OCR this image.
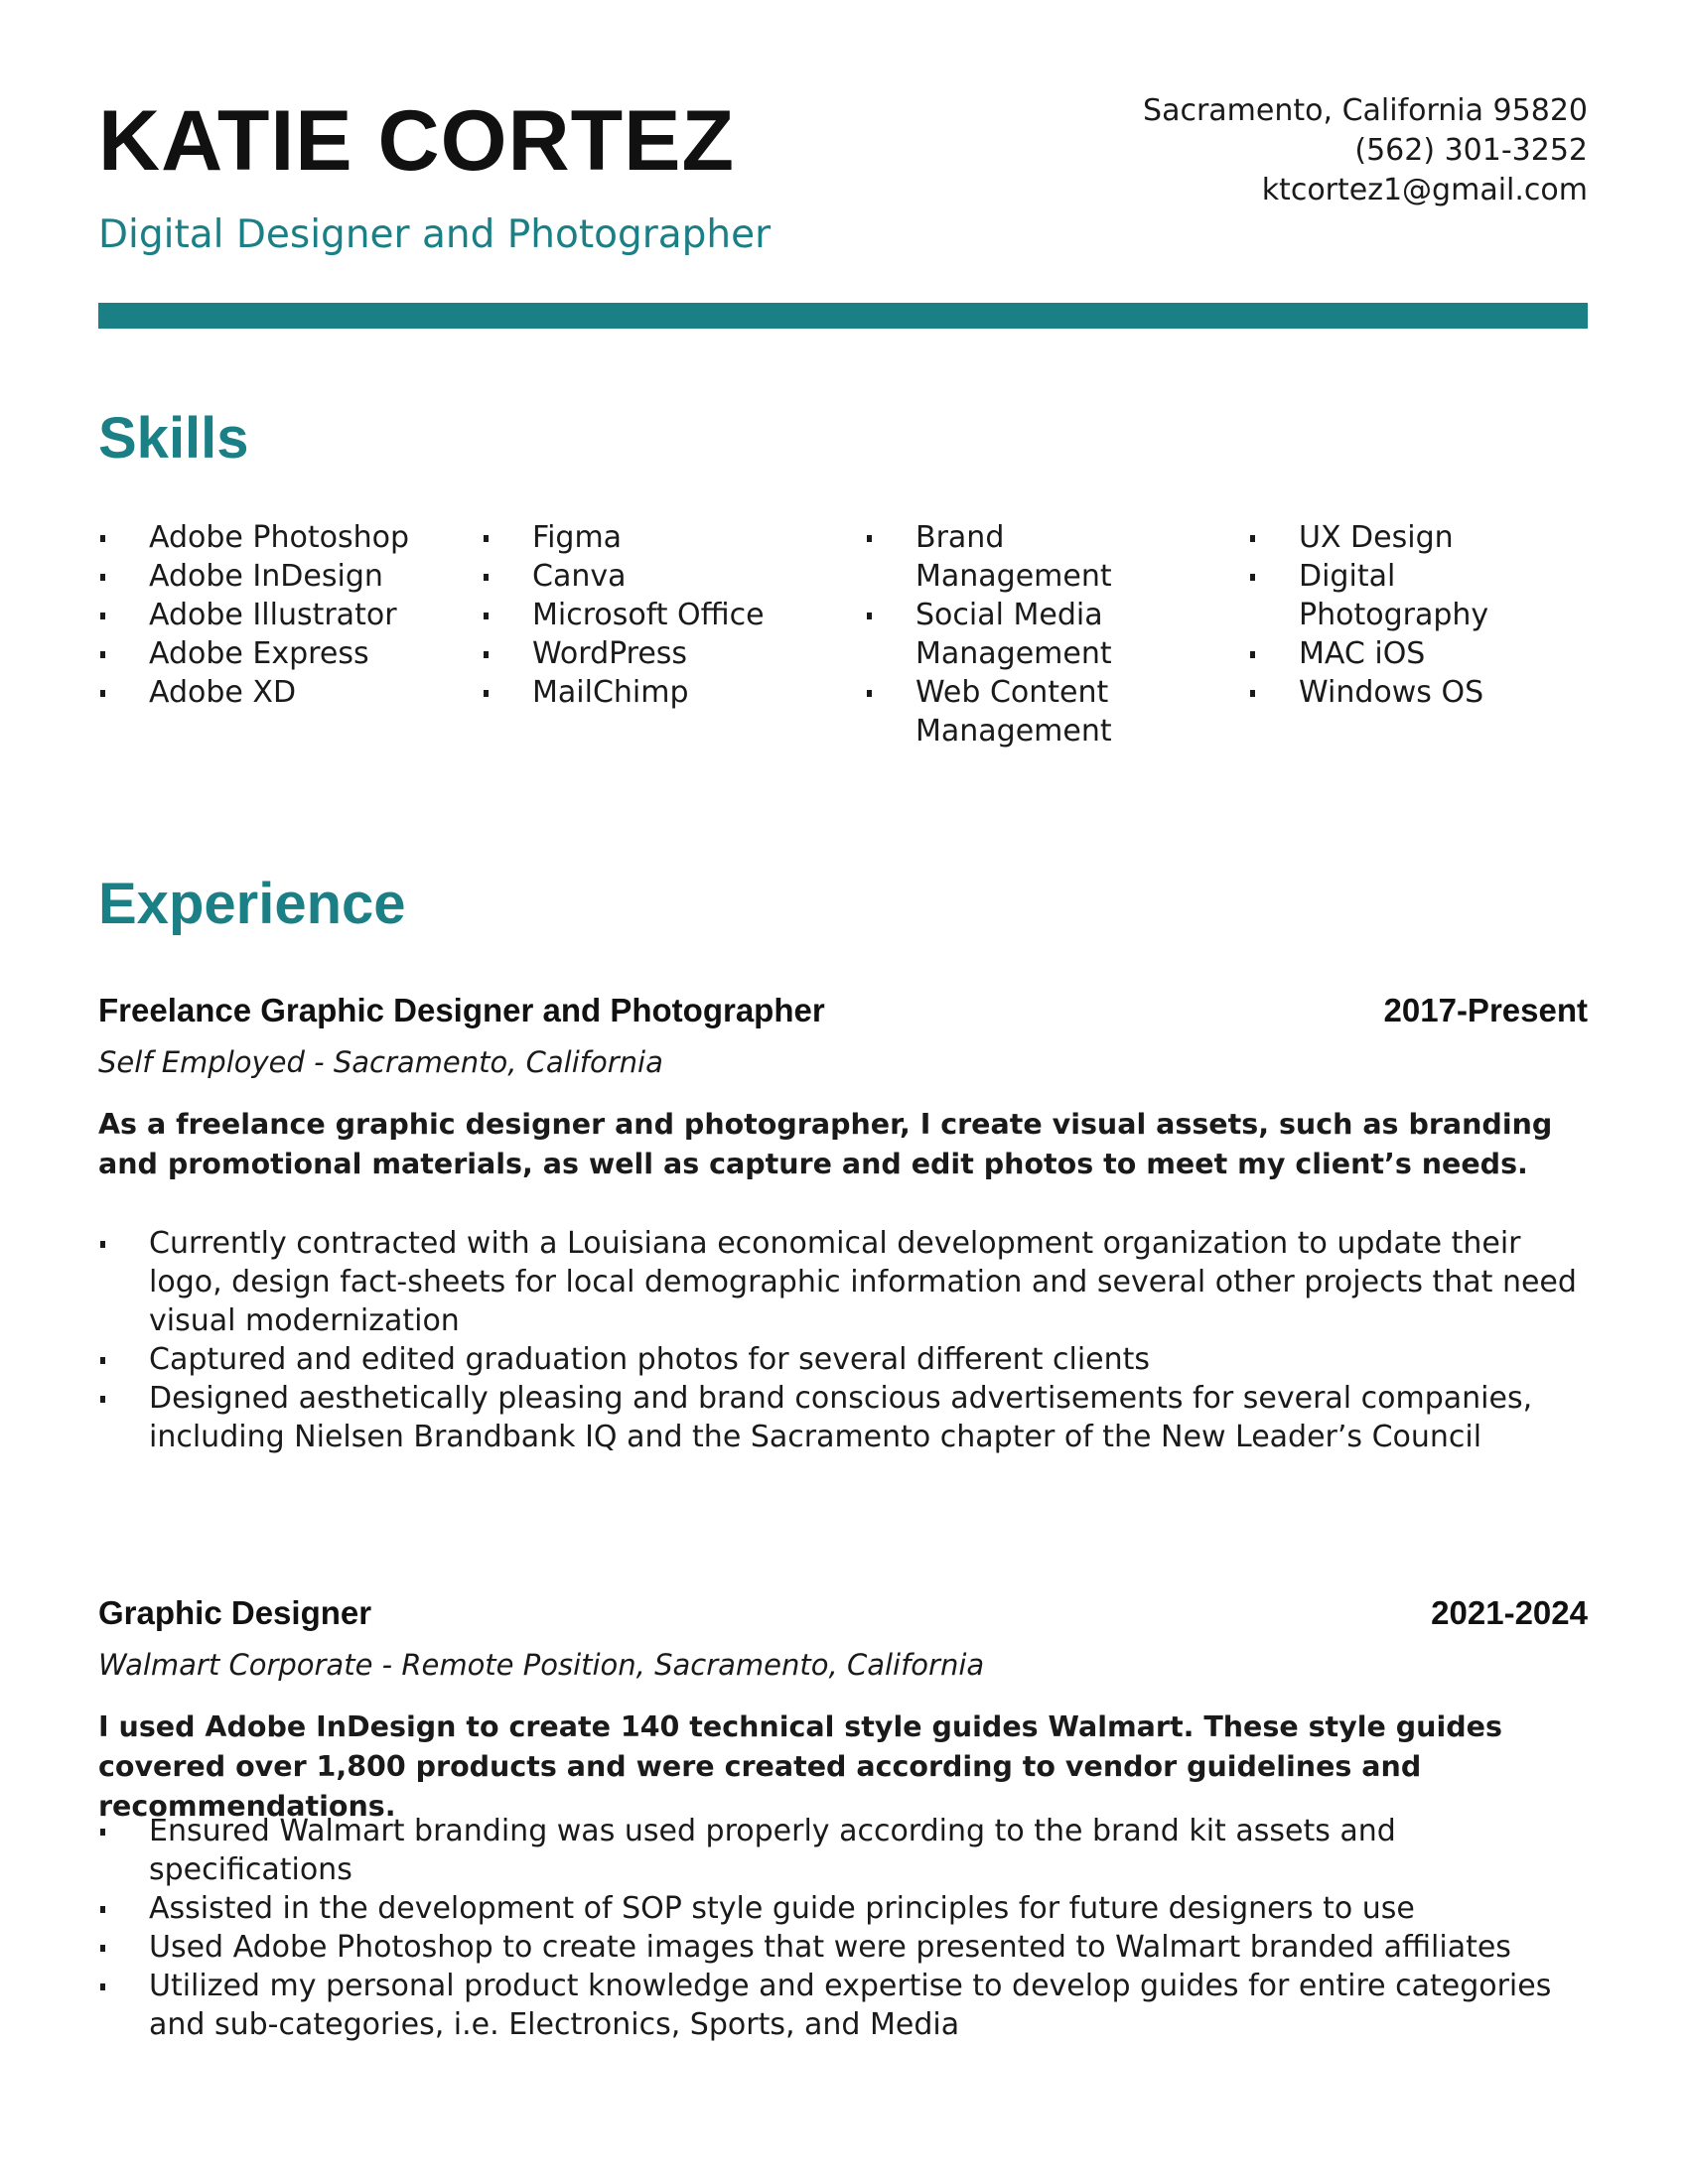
KATIE CORTEZ
Digital Designer and Photographer
Sacramento, California 95820
(562) 301-3252
ktcortez1@gmail.com
Skills
Adobe Photoshop
Adobe InDesign
Adobe Illustrator
Adobe Express
Adobe XD
Figma
Canva
Microsoft Office
WordPress
MailChimp
Brand Management
Social Media Management
Web Content Management
UX Design
Digital Photography
MAC iOS
Windows OS
Experience
Freelance Graphic Designer and Photographer	2017-Present
Self Employed - Sacramento, California

As a freelance graphic designer and photographer, I create visual assets, such as branding and promotional materials, as well as capture and edit photos to meet my client’s needs.

Currently contracted with a Louisiana economical development organization to update their logo, design fact-sheets for local demographic information and several other projects that need visual modernization
Captured and edited graduation photos for several different clients
Designed aesthetically pleasing and brand conscious advertisements for several companies, including Nielsen Brandbank IQ and the Sacramento chapter of the New Leader’s Council
Graphic Designer	2021-2024
Walmart Corporate - Remote Position, Sacramento, California

I used Adobe InDesign to create 140 technical style guides Walmart. These style guides covered over 1,800 products and were created according to vendor guidelines and recommendations.

Ensured Walmart branding was used properly according to the brand kit assets and specifications
Assisted in the development of SOP style guide principles for future designers to use
Used Adobe Photoshop to create images that were presented to Walmart branded affiliates
Utilized my personal product knowledge and expertise to develop guides for entire categories and sub-categories, i.e. Electronics, Sports, and Media
